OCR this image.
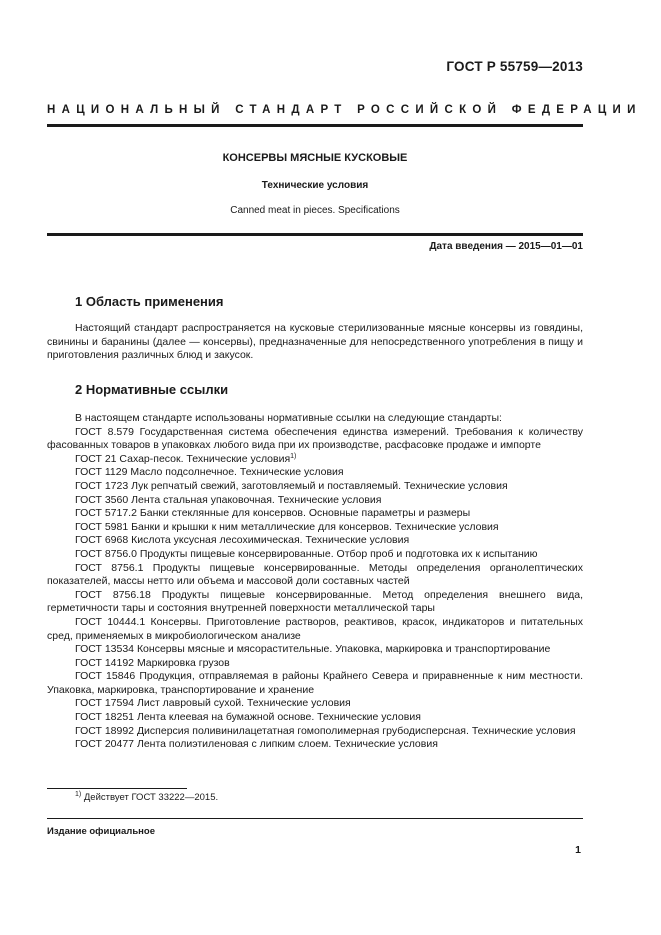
ГОСТ Р 55759—2013
НАЦИОНАЛЬНЫЙ СТАНДАРТ РОССИЙСКОЙ ФЕДЕРАЦИИ
КОНСЕРВЫ МЯСНЫЕ КУСКОВЫЕ
Технические условия
Canned meat in pieces. Specifications
Дата введения — 2015—01—01
1 Область применения
Настоящий стандарт распространяется на кусковые стерилизованные мясные консервы из говядины, свинины и баранины (далее — консервы), предназначенные для непосредственного употребления в пищу и приготовления различных блюд и закусок.
2 Нормативные ссылки
В настоящем стандарте использованы нормативные ссылки на следующие стандарты:
ГОСТ 8.579 Государственная система обеспечения единства измерений. Требования к количеству фасованных товаров в упаковках любого вида при их производстве, расфасовке продаже и импорте
ГОСТ 21 Сахар-песок. Технические условия$^{1)}$
ГОСТ 1129 Масло подсолнечное. Технические условия
ГОСТ 1723 Лук репчатый свежий, заготовляемый и поставляемый. Технические условия
ГОСТ 3560 Лента стальная упаковочная. Технические условия
ГОСТ 5717.2 Банки стеклянные для консервов. Основные параметры и размеры
ГОСТ 5981 Банки и крышки к ним металлические для консервов. Технические условия
ГОСТ 6968 Кислота уксусная лесохимическая. Технические условия
ГОСТ 8756.0 Продукты пищевые консервированные. Отбор проб и подготовка их к испытанию
ГОСТ 8756.1 Продукты пищевые консервированные. Методы определения органолептических показателей, массы нетто или объема и массовой доли составных частей
ГОСТ 8756.18 Продукты пищевые консервированные. Метод определения внешнего вида, герметичности тары и состояния внутренней поверхности металлической тары
ГОСТ 10444.1 Консервы. Приготовление растворов, реактивов, красок, индикаторов и питательных сред, применяемых в микробиологическом анализе
ГОСТ 13534 Консервы мясные и мясорастительные. Упаковка, маркировка и транспортирование
ГОСТ 14192 Маркировка грузов
ГОСТ 15846 Продукция, отправляемая в районы Крайнего Севера и приравненные к ним местности. Упаковка, маркировка, транспортирование и хранение
ГОСТ 17594 Лист лавровый сухой. Технические условия
ГОСТ 18251 Лента клеевая на бумажной основе. Технические условия
ГОСТ 18992 Дисперсия поливинилацетатная гомополимерная грубодисперсная. Технические условия
ГОСТ 20477 Лента полиэтиленовая с липким слоем. Технические условия
$^{1)}$ Действует ГОСТ 33222—2015.
Издание официальное
1
